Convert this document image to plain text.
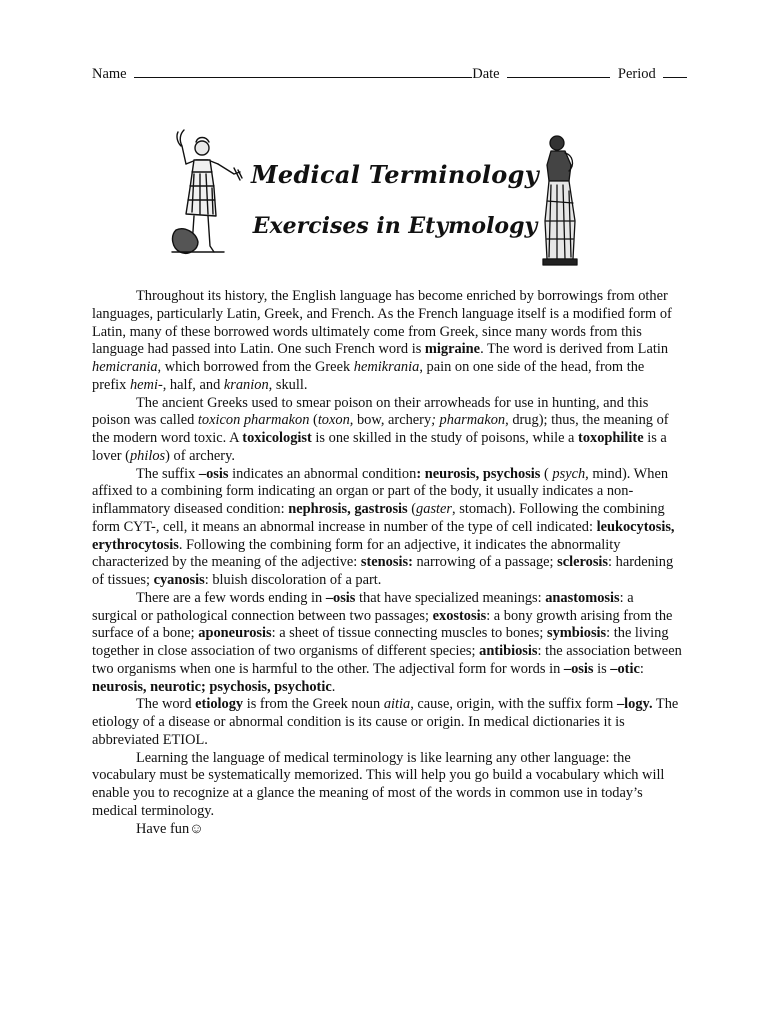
Name	Date	Period
Medical Terminology
Exercises in Etymology

Throughout its history, the English language has become enriched by borrowings from other languages, particularly Latin, Greek, and French. As the French language itself is a modified form of Latin, many of these borrowed words ultimately come from Greek, since many words from this language had passed into Latin. One such French word is migraine. The word is derived from Latin hemicrania, which borrowed from the Greek hemikrania, pain on one side of the head, from the prefix hemi-, half, and kranion, skull.

The ancient Greeks used to smear poison on their arrowheads for use in hunting, and this poison was called toxicon pharmakon (toxon, bow, archery; pharmakon, drug); thus, the meaning of the modern word toxic. A toxicologist is one skilled in the study of poisons, while a toxophilite is a lover (philos) of archery.

The suffix –osis indicates an abnormal condition: neurosis, psychosis ( psych, mind). When affixed to a combining form indicating an organ or part of the body, it usually indicates a non-inflammatory diseased condition: nephrosis, gastrosis (gaster, stomach). Following the combining form CYT-, cell, it means an abnormal increase in number of the type of cell indicated: leukocytosis, erythrocytosis. Following the combining form for an adjective, it indicates the abnormality characterized by the meaning of the adjective: stenosis: narrowing of a passage; sclerosis: hardening of tissues; cyanosis: bluish discoloration of a part.

There are a few words ending in –osis that have specialized meanings: anastomosis: a surgical or pathological connection between two passages; exostosis: a bony growth arising from the surface of a bone; aponeurosis: a sheet of tissue connecting muscles to bones; symbiosis: the living together in close association of two organisms of different species; antibiosis: the association between two organisms when one is harmful to the other. The adjectival form for words in –osis is –otic: neurosis, neurotic; psychosis, psychotic.

The word etiology is from the Greek noun aitia, cause, origin, with the suffix form –logy. The etiology of a disease or abnormal condition is its cause or origin. In medical dictionaries it is abbreviated ETIOL.

Learning the language of medical terminology is like learning any other language: the vocabulary must be systematically memorized. This will help you go build a vocabulary which will enable you to recognize at a glance the meaning of most of the words in common use in today’s medical terminology.

Have fun☺
